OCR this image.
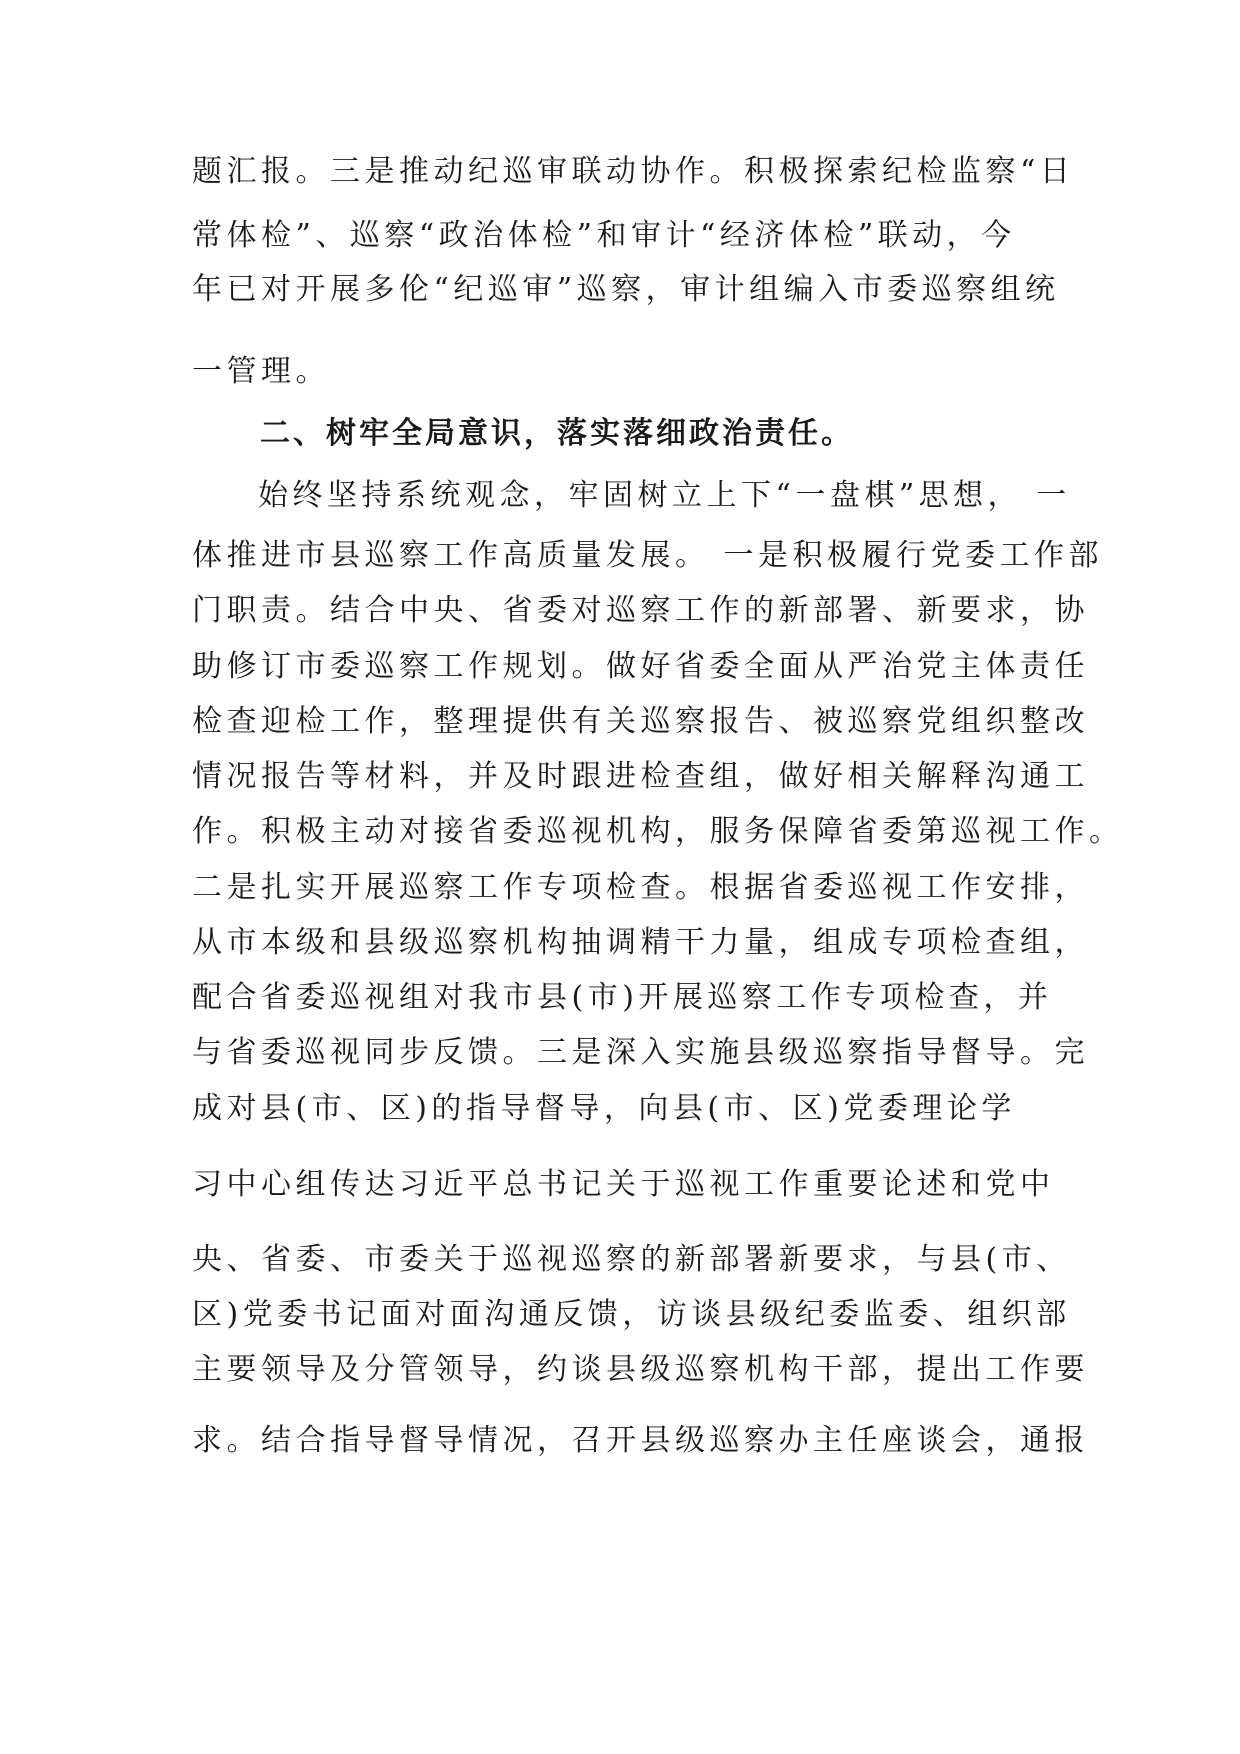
题汇报。三是推动纪巡审联动协作。积极探索纪检监察“日
常体检”、巡察“政治体检”和审计“经济体检”联动，今
年已对开展多伦“纪巡审”巡察，审计组编入市委巡察组统
一管理。
二、树牢全局意识，落实落细政治责任。
始终坚持系统观念，牢固树立上下“一盘棋”思想， 一
体推进市县巡察工作高质量发展。 一是积极履行党委工作部
门职责。结合中央、省委对巡察工作的新部署、新要求，协
助修订市委巡察工作规划。做好省委全面从严治党主体责任
检查迎检工作，整理提供有关巡察报告、被巡察党组织整改
情况报告等材料，并及时跟进检查组，做好相关解释沟通工
作。积极主动对接省委巡视机构，服务保障省委第巡视工作。
二是扎实开展巡察工作专项检查。根据省委巡视工作安排，
从市本级和县级巡察机构抽调精干力量，组成专项检查组，
配合省委巡视组对我市县(市)开展巡察工作专项检查，并
与省委巡视同步反馈。三是深入实施县级巡察指导督导。完
成对县(市、区)的指导督导，向县(市、区)党委理论学
习中心组传达习近平总书记关于巡视工作重要论述和党中
央、省委、市委关于巡视巡察的新部署新要求，与县(市、
区)党委书记面对面沟通反馈，访谈县级纪委监委、组织部
主要领导及分管领导，约谈县级巡察机构干部，提出工作要
求。结合指导督导情况，召开县级巡察办主任座谈会，通报
